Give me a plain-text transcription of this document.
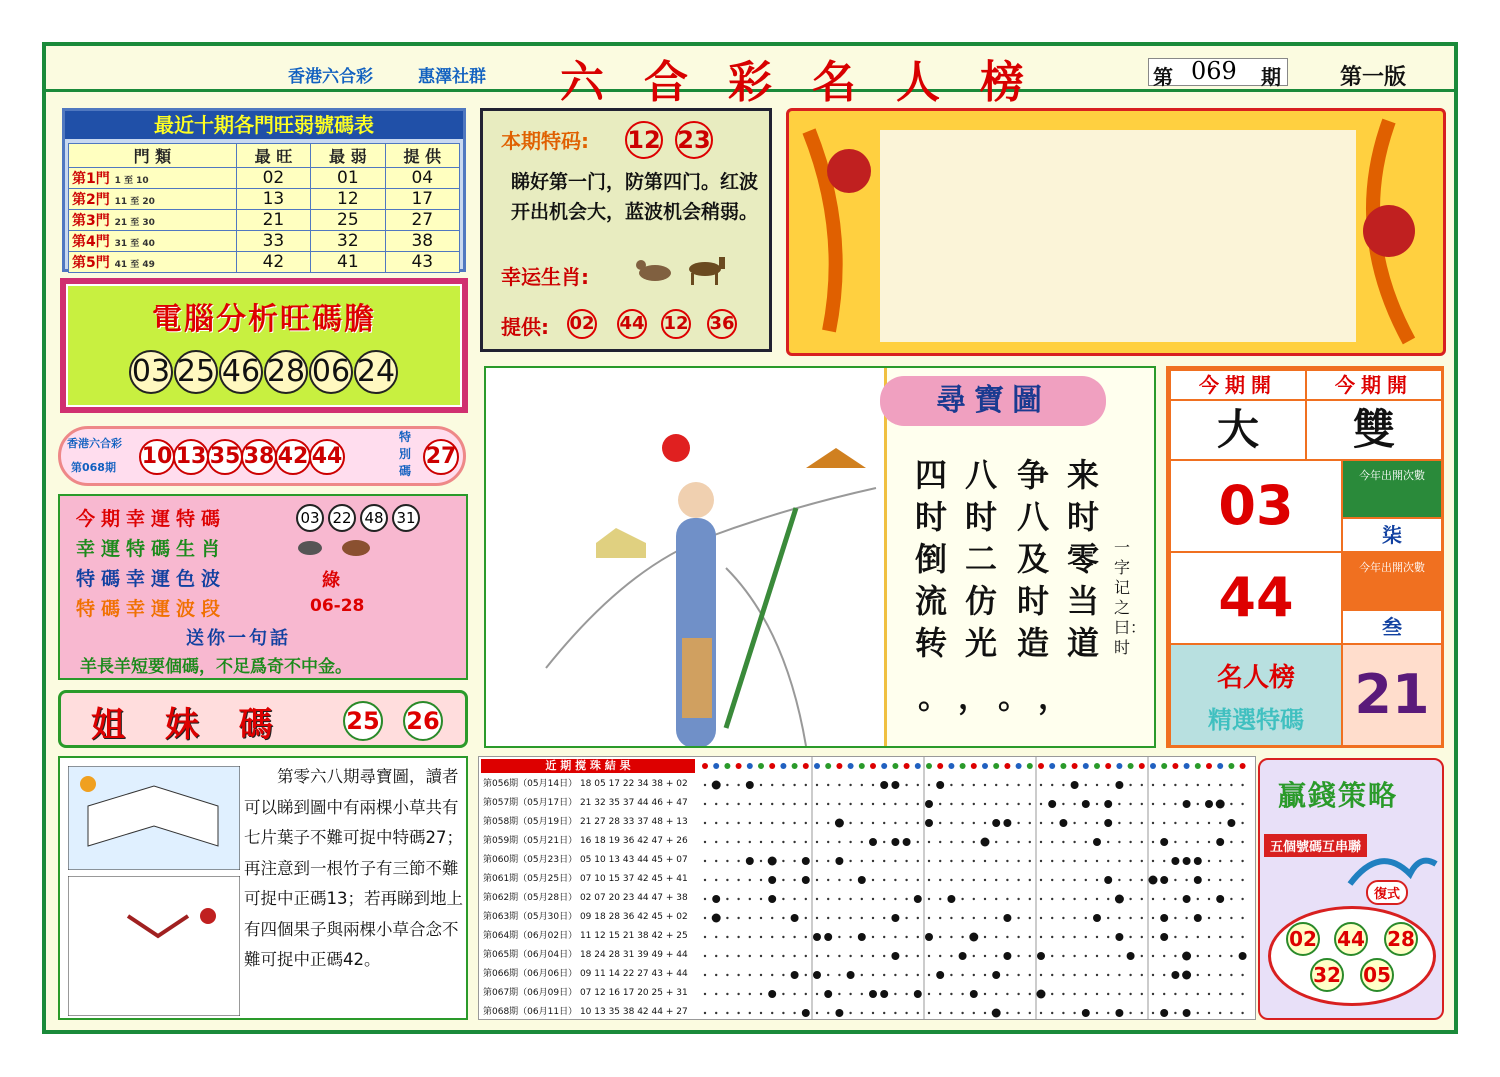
香港六合彩	惠澤社群 六合彩名人榜	第 069 期	第一版
最近十期各門旺弱號碼表
門 類	最 旺	最 弱	提 供
第1門 1 至 10	02	01	04
第2門 11 至 20	13	12	17
第3門 21 至 30	21	25	27
第4門 31 至 40	33	32	38
第5門 41 至 49	42	41	43
本期特码: 12 23
睇好第一门，防第四门。红波开出机会大，蓝波机会稍弱。
幸运生肖:
提供: 02 44 12 36
電腦分析旺碼膽
03 25 46 28 06 24
香港六合彩
第068期 10 13 35 38 42 44
特別碼
27
今期幸運特碼	03 22 48 31
幸運特碼生肖
特碼幸運色波	綠
特碼幸運波段	06-28
送你一句話
羊長羊短要個碼，不足爲奇不中金。
姐 妹 碼 25 26
尋寶圖
来时零当道
争八及时造
八时二仿光
四时倒流转
。，。，
一字记之曰：时
今期開	今期開
大	雙
03	今年出開次數
柒
44	今年出開次數
叁
名人榜
精選特碼 21
第零六八期尋寶圖，讀者可以睇到圖中有兩棵小草共有七片葉子不難可捉中特碼27；再注意到一根竹子有三節不難可捉中正碼13；若再睇到地上有四個果子與兩棵小草合念不難可捉中正碼42。
近 期 搅 珠 結 果
第056期（05月14日） 18 05 17 22 34 38 + 02
第057期（05月17日） 21 32 35 37 44 46 + 47
第058期（05月19日） 21 27 28 33 37 48 + 13
第059期（05月21日） 16 18 19 36 42 47 + 26
第060期（05月23日） 05 10 13 43 44 45 + 07
第061期（05月25日） 07 10 15 37 42 45 + 41
第062期（05月28日） 02 07 20 23 44 47 + 38
第063期（05月30日） 09 18 28 36 42 45 + 02
第064期（06月02日） 11 12 15 21 38 42 + 25
第065期（06月04日） 18 24 28 31 39 49 + 44
第066期（06月06日） 09 11 14 22 27 43 + 44
第067期（06月09日） 07 12 16 17 20 25 + 31
第068期（06月11日） 10 13 35 38 42 44 + 27
贏錢策略
五個號碼互串聯
復式
02 44 28
32 05
